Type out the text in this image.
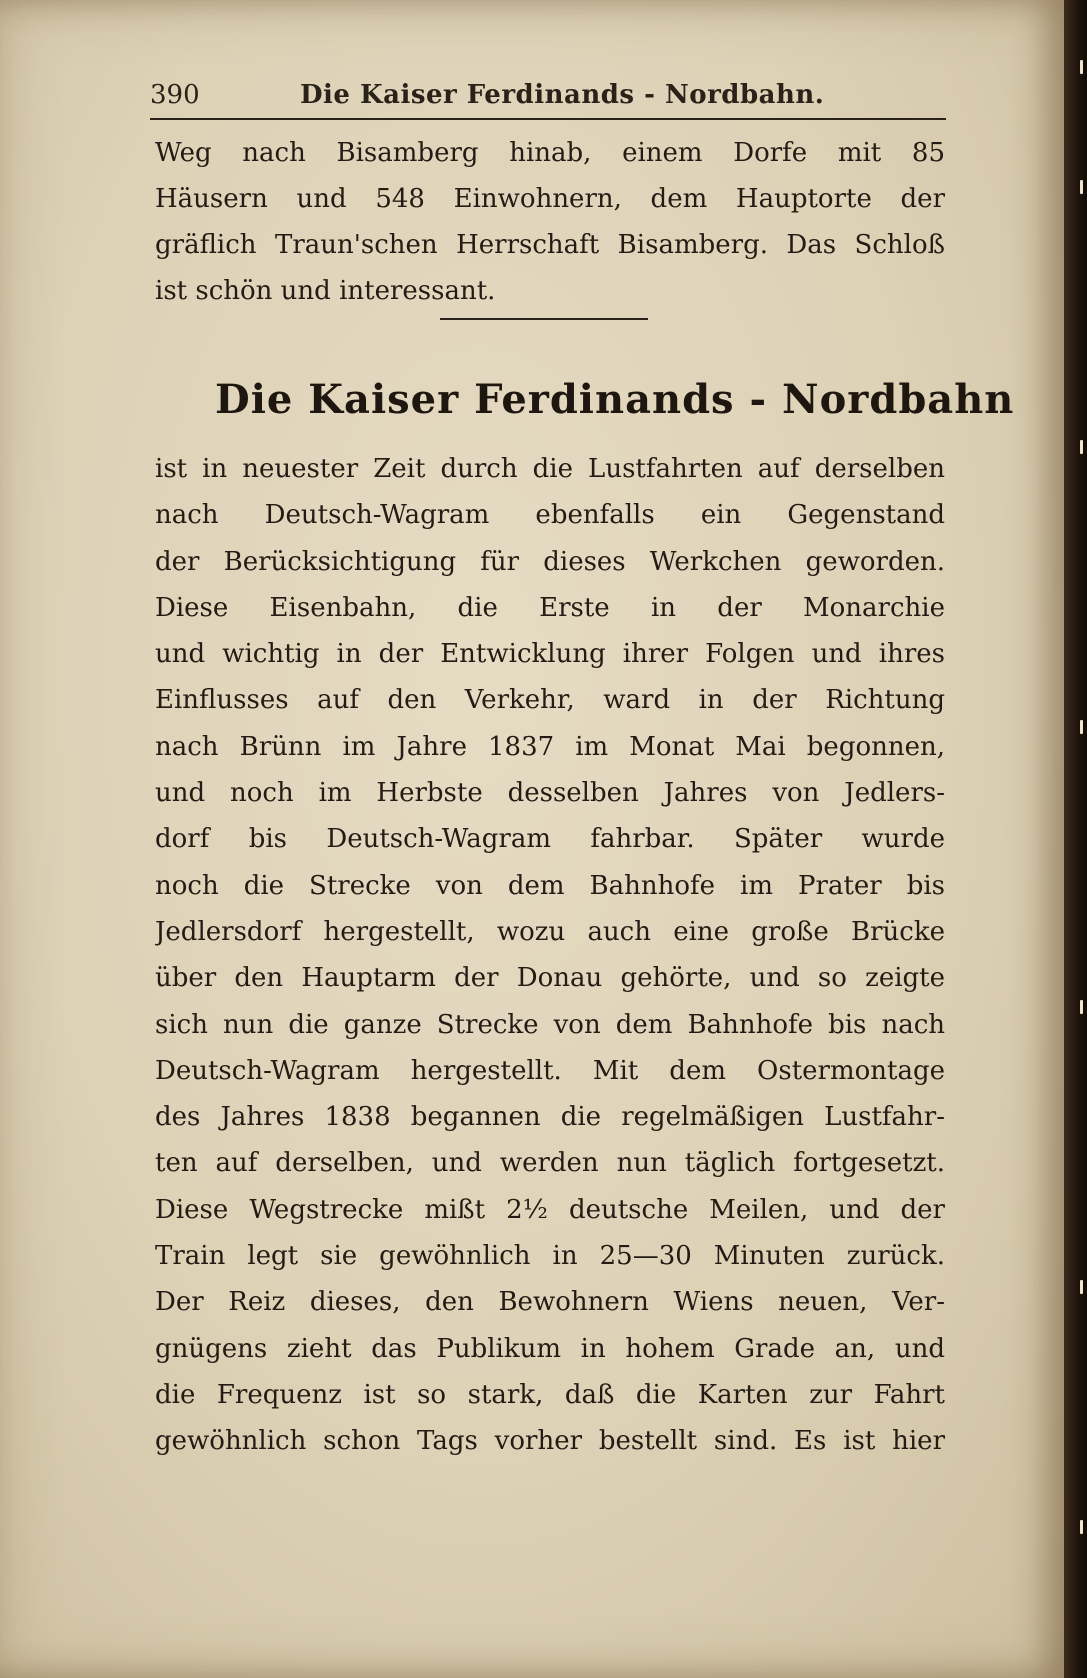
390	Die Kaiser Ferdinands - Nordbahn.
Weg nach Bisamberg hinab, einem Dorfe mit 85
Häusern und 548 Einwohnern, dem Hauptorte der
gräflich Traun'schen Herrschaft Bisamberg. Das Schloß
ist schön und interessant.
Die Kaiser Ferdinands - Nordbahn
ist in neuester Zeit durch die Lustfahrten auf derselben
nach Deutsch-Wagram ebenfalls ein Gegenstand
der Berücksichtigung für dieses Werkchen geworden.
Diese Eisenbahn, die Erste in der Monarchie
und wichtig in der Entwicklung ihrer Folgen und ihres
Einflusses auf den Verkehr, ward in der Richtung
nach Brünn im Jahre 1837 im Monat Mai begonnen,
und noch im Herbste desselben Jahres von Jedlers-
dorf bis Deutsch-Wagram fahrbar. Später wurde
noch die Strecke von dem Bahnhofe im Prater bis
Jedlersdorf hergestellt, wozu auch eine große Brücke
über den Hauptarm der Donau gehörte, und so zeigte
sich nun die ganze Strecke von dem Bahnhofe bis nach
Deutsch-Wagram hergestellt. Mit dem Ostermontage
des Jahres 1838 begannen die regelmäßigen Lustfahr-
ten auf derselben, und werden nun täglich fortgesetzt.
Diese Wegstrecke mißt 2½ deutsche Meilen, und der
Train legt sie gewöhnlich in 25—30 Minuten zurück.
Der Reiz dieses, den Bewohnern Wiens neuen, Ver-
gnügens zieht das Publikum in hohem Grade an, und
die Frequenz ist so stark, daß die Karten zur Fahrt
gewöhnlich schon Tags vorher bestellt sind. Es ist hier
